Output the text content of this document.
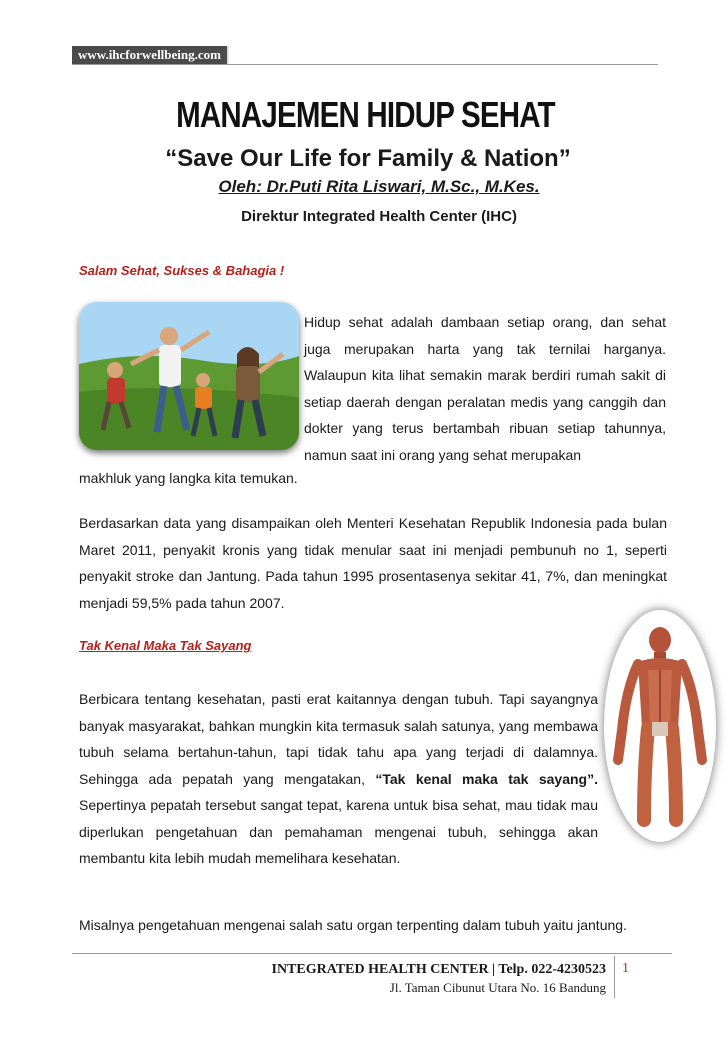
www.ihcforwellbeing.com
MANAJEMEN HIDUP SEHAT
“Save Our Life for Family & Nation”
Oleh: Dr.Puti Rita Liswari, M.Sc., M.Kes.
Direktur Integrated Health Center (IHC)
Salam Sehat, Sukses & Bahagia !
Hidup sehat adalah dambaan setiap orang, dan sehat juga merupakan harta yang tak ternilai harganya. Walaupun kita lihat semakin marak berdiri rumah sakit di setiap daerah dengan peralatan medis yang canggih dan dokter yang terus bertambah ribuan setiap tahunnya, namun saat ini orang yang sehat merupakan
makhluk yang langka kita temukan.
Berdasarkan data yang disampaikan oleh Menteri Kesehatan Republik Indonesia pada bulan Maret 2011, penyakit kronis yang tidak menular saat ini menjadi pembunuh no 1, seperti penyakit stroke dan Jantung. Pada tahun 1995 prosentasenya sekitar 41, 7%, dan meningkat menjadi 59,5% pada tahun 2007.
Tak Kenal Maka Tak Sayang
Berbicara tentang kesehatan, pasti erat kaitannya dengan tubuh. Tapi sayangnya banyak masyarakat, bahkan mungkin kita termasuk salah satunya, yang membawa tubuh selama bertahun-tahun, tapi tidak tahu apa yang terjadi di dalamnya. Sehingga ada pepatah yang mengatakan, “Tak kenal maka tak sayang”. Sepertinya pepatah tersebut sangat tepat, karena untuk bisa sehat, mau tidak mau diperlukan pengetahuan dan pemahaman mengenai tubuh, sehingga akan membantu kita lebih mudah memelihara kesehatan.
Misalnya pengetahuan mengenai salah satu organ terpenting dalam tubuh yaitu jantung.
INTEGRATED HEALTH CENTER | Telp. 022-4230523
Jl. Taman Cibunut Utara No. 16 Bandung
1
